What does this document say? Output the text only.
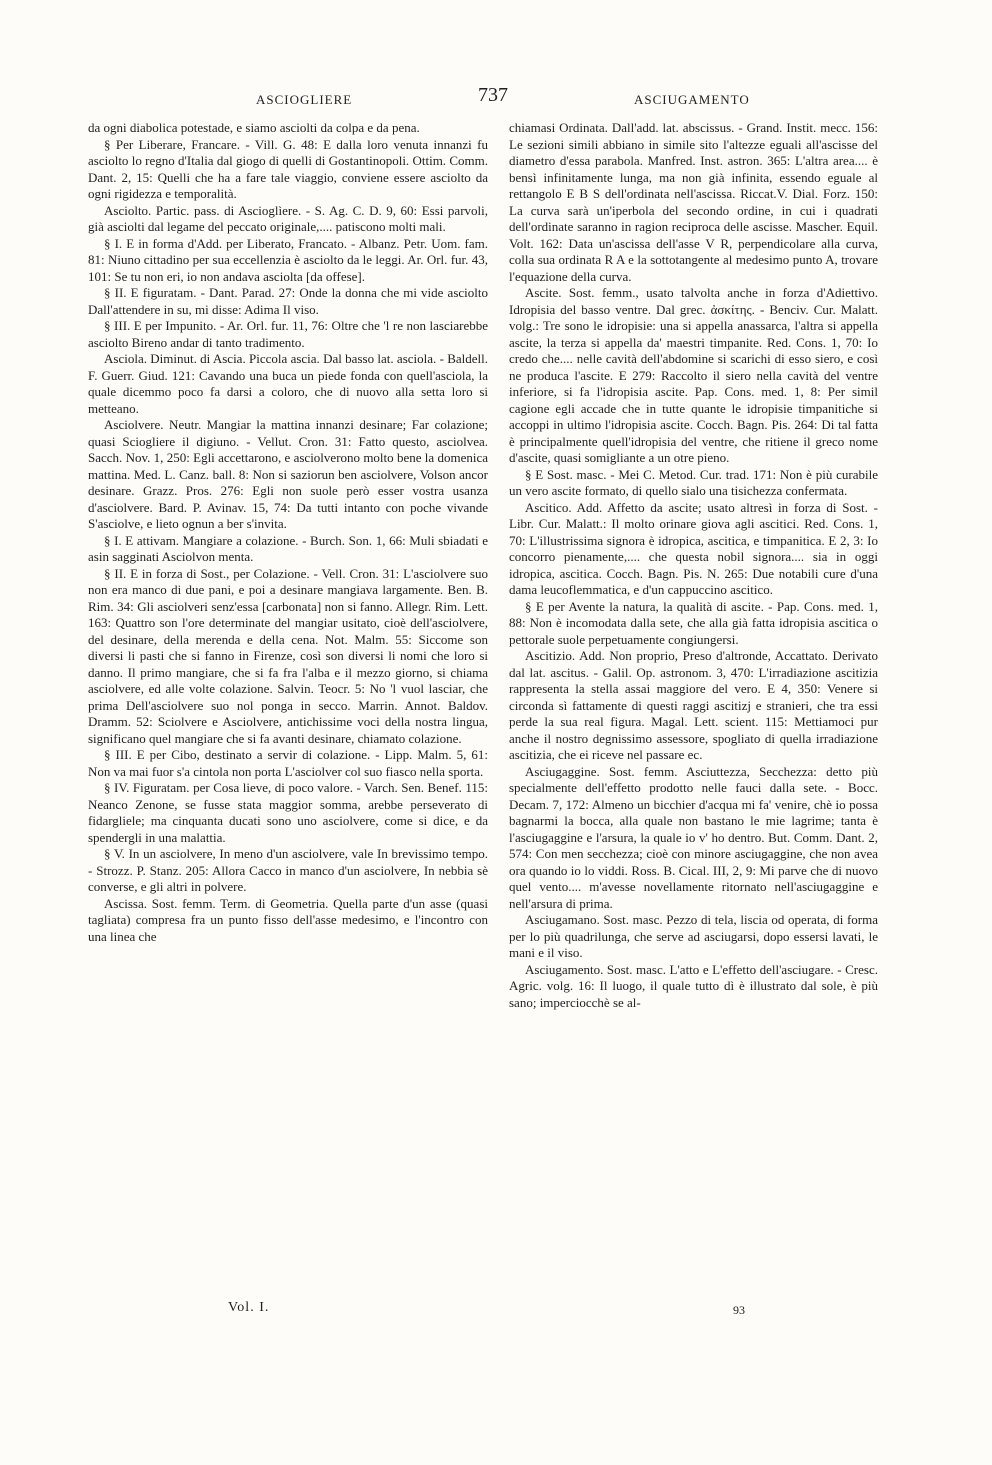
ASCIOGLIERE	737	ASCIUGAMENTO

da ogni diabolica potestade, e siamo asciolti da colpa e da pena.

§ Per Liberare, Francare. - Vill. G. 48: E dalla loro venuta innanzi fu asciolto lo regno d'Italia dal giogo di quelli di Gostantinopoli. Ottim. Comm. Dant. 2, 15: Quelli che ha a fare tale viaggio, conviene essere asciolto da ogni rigidezza e temporalità.

Asciolto. Partic. pass. di Ascioglìere. - S. Ag. C. D. 9, 60: Essi parvoli, già asciolti dal legame del peccato originale,.... patiscono molti mali.

§ I. E in forma d'Add. per Liberato, Francato. - Albanz. Petr. Uom. fam. 81: Niuno cittadino per sua eccellenzia è asciolto da le leggi. Ar. Orl. fur. 43, 101: Se tu non eri, io non andava asciolta [da offese].

§ II. E figuratam. - Dant. Parad. 27: Onde la donna che mi vide asciolto Dall'attendere in su, mi disse: Adima Il viso.

§ III. E per Impunito. - Ar. Orl. fur. 11, 76: Oltre che 'l re non lasciarebbe asciolto Bireno andar di tanto tradimento.

Asciola. Diminut. di Ascia. Piccola ascia. Dal basso lat. asciola. - Baldell. F. Guerr. Giud. 121: Cavando una buca un piede fonda con quell'asciola, la quale dicemmo poco fa darsi a coloro, che di nuovo alla setta loro si metteano.

Asciolvere. Neutr. Mangiar la mattina innanzi desinare; Far colazione; quasi Sciogliere il digiuno. - Vellut. Cron. 31: Fatto questo, asciolvea. Sacch. Nov. 1, 250: Egli accettarono, e asciolverono molto bene la domenica mattina. Med. L. Canz. ball. 8: Non si saziorun ben asciolvere, Volson ancor desinare. Grazz. Pros. 276: Egli non suole però esser vostra usanza d'asciolvere. Bard. P. Avinav. 15, 74: Da tutti intanto con poche vivande S'asciolve, e lieto ognun a ber s'invita.

§ I. E attivam. Mangiare a colazione. - Burch. Son. 1, 66: Muli sbiadati e asin sagginati Asciolvon menta.

§ II. E in forza di Sost., per Colazione. - Vell. Cron. 31: L'asciolvere suo non era manco di due pani, e poi a desinare mangiava largamente. Ben. B. Rim. 34: Gli asciolveri senz'essa [carbonata] non si fanno. Allegr. Rim. Lett. 163: Quattro son l'ore determinate del mangiar usitato, cioè dell'asciolvere, del desinare, della merenda e della cena. Not. Malm. 55: Siccome son diversi li pasti che si fanno in Firenze, così son diversi li nomi che loro si danno. Il primo mangiare, che si fa fra l'alba e il mezzo giorno, si chiama asciolvere, ed alle volte colazione. Salvin. Teocr. 5: No 'l vuol lasciar, che prima Dell'asciolvere suo nol ponga in secco. Marrin. Annot. Baldov. Dramm. 52: Sciolvere e Asciolvere, antichissime voci della nostra lingua, significano quel mangiare che si fa avanti desinare, chiamato colazione.

§ III. E per Cibo, destinato a servir di colazione. - Lipp. Malm. 5, 61: Non va mai fuor s'a cintola non porta L'asciolver col suo fiasco nella sporta.

§ IV. Figuratam. per Cosa lieve, di poco valore. - Varch. Sen. Benef. 115: Neanco Zenone, se fusse stata maggior somma, arebbe perseverato di fidargliele; ma cinquanta ducati sono uno asciolvere, come si dice, e da spendergli in una malattia.

§ V. In un asciolvere, In meno d'un asciolvere, vale In brevissimo tempo. - Strozz. P. Stanz. 205: Allora Cacco in manco d'un asciolvere, In nebbia sè converse, e gli altri in polvere.

Ascissa. Sost. femm. Term. di Geometria. Quella parte d'un asse (quasi tagliata) compresa fra un punto fisso dell'asse medesimo, e l'incontro con una linea che

chiamasi Ordinata. Dall'add. lat. abscissus. - Grand. Instit. mecc. 156: Le sezioni simili abbiano in simile sito l'altezze eguali all'ascisse del diametro d'essa parabola. Manfred. Inst. astron. 365: L'altra area.... è bensì infinitamente lunga, ma non già infinita, essendo eguale al rettangolo E B S dell'ordinata nell'ascissa. Riccat.V. Dial. Forz. 150: La curva sarà un'iperbola del secondo ordine, in cui i quadrati dell'ordinate saranno in ragion reciproca delle ascisse. Mascher. Equil. Volt. 162: Data un'ascissa dell'asse V R, perpendicolare alla curva, colla sua ordinata R A e la sottotangente al medesimo punto A, trovare l'equazione della curva.

Ascite. Sost. femm., usato talvolta anche in forza d'Adiettivo. Idropisia del basso ventre. Dal grec. ἀσκίτης. - Benciv. Cur. Malatt. volg.: Tre sono le idropisie: una si appella anassarca, l'altra si appella ascite, la terza si appella da' maestri timpanite. Red. Cons. 1, 70: Io credo che.... nelle cavità dell'abdomine si scarichi di esso siero, e così ne produca l'ascite. E 279: Raccolto il siero nella cavità del ventre inferiore, si fa l'idropisia ascite. Pap. Cons. med. 1, 8: Per simil cagione egli accade che in tutte quante le idropisie timpanitiche si accoppi in ultimo l'idropisia ascite. Cocch. Bagn. Pis. 264: Di tal fatta è principalmente quell'idropisia del ventre, che ritiene il greco nome d'ascite, quasi somigliante a un otre pieno.

§ E Sost. masc. - Mei C. Metod. Cur. trad. 171: Non è più curabile un vero ascite formato, di quello sialo una tisichezza confermata.

Ascitico. Add. Affetto da ascite; usato altresì in forza di Sost. - Libr. Cur. Malatt.: Il molto orinare giova agli ascitici. Red. Cons. 1, 70: L'illustrissima signora è idropica, ascitica, e timpanitica. E 2, 3: Io concorro pienamente,.... che questa nobil signora.... sia in oggi idropica, ascitica. Cocch. Bagn. Pis. N. 265: Due notabili cure d'una dama leucoflemmatica, e d'un cappuccino ascitico.

§ E per Avente la natura, la qualità di ascite. - Pap. Cons. med. 1, 88: Non è incomodata dalla sete, che alla già fatta idropisia ascitica o pettorale suole perpetuamente congiungersi.

Ascitizio. Add. Non proprio, Preso d'altronde, Accattato. Derivato dal lat. ascitus. - Galil. Op. astronom. 3, 470: L'irradiazione ascitizia rappresenta la stella assai maggiore del vero. E 4, 350: Venere si circonda sì fattamente di questi raggi ascitizj e stranieri, che tra essi perde la sua real figura. Magal. Lett. scient. 115: Mettiamoci pur anche il nostro degnissimo assessore, spogliato di quella irradiazione ascitizia, che ei riceve nel passare ec.

Asciugaggine. Sost. femm. Asciuttezza, Secchezza: detto più specialmente dell'effetto prodotto nelle fauci dalla sete. - Bocc. Decam. 7, 172: Almeno un bicchier d'acqua mi fa' venire, chè io possa bagnarmi la bocca, alla quale non bastano le mie lagrime; tanta è l'asciugaggine e l'arsura, la quale io v' ho dentro. But. Comm. Dant. 2, 574: Con men secchezza; cioè con minore asciugaggine, che non avea ora quando io lo viddi. Ross. B. Cical. III, 2, 9: Mi parve che di nuovo quel vento.... m'avesse novellamente ritornato nell'asciugaggine e nell'arsura di prima.

Asciugamano. Sost. masc. Pezzo di tela, liscia od operata, di forma per lo più quadrilunga, che serve ad asciugarsi, dopo essersi lavati, le mani e il viso.

Asciugamento. Sost. masc. L'atto e L'effetto dell'asciugare. - Cresc. Agric. volg. 16: Il luogo, il quale tutto dì è illustrato dal sole, è più sano; imperciocchè se al-

Vol. I.	93
